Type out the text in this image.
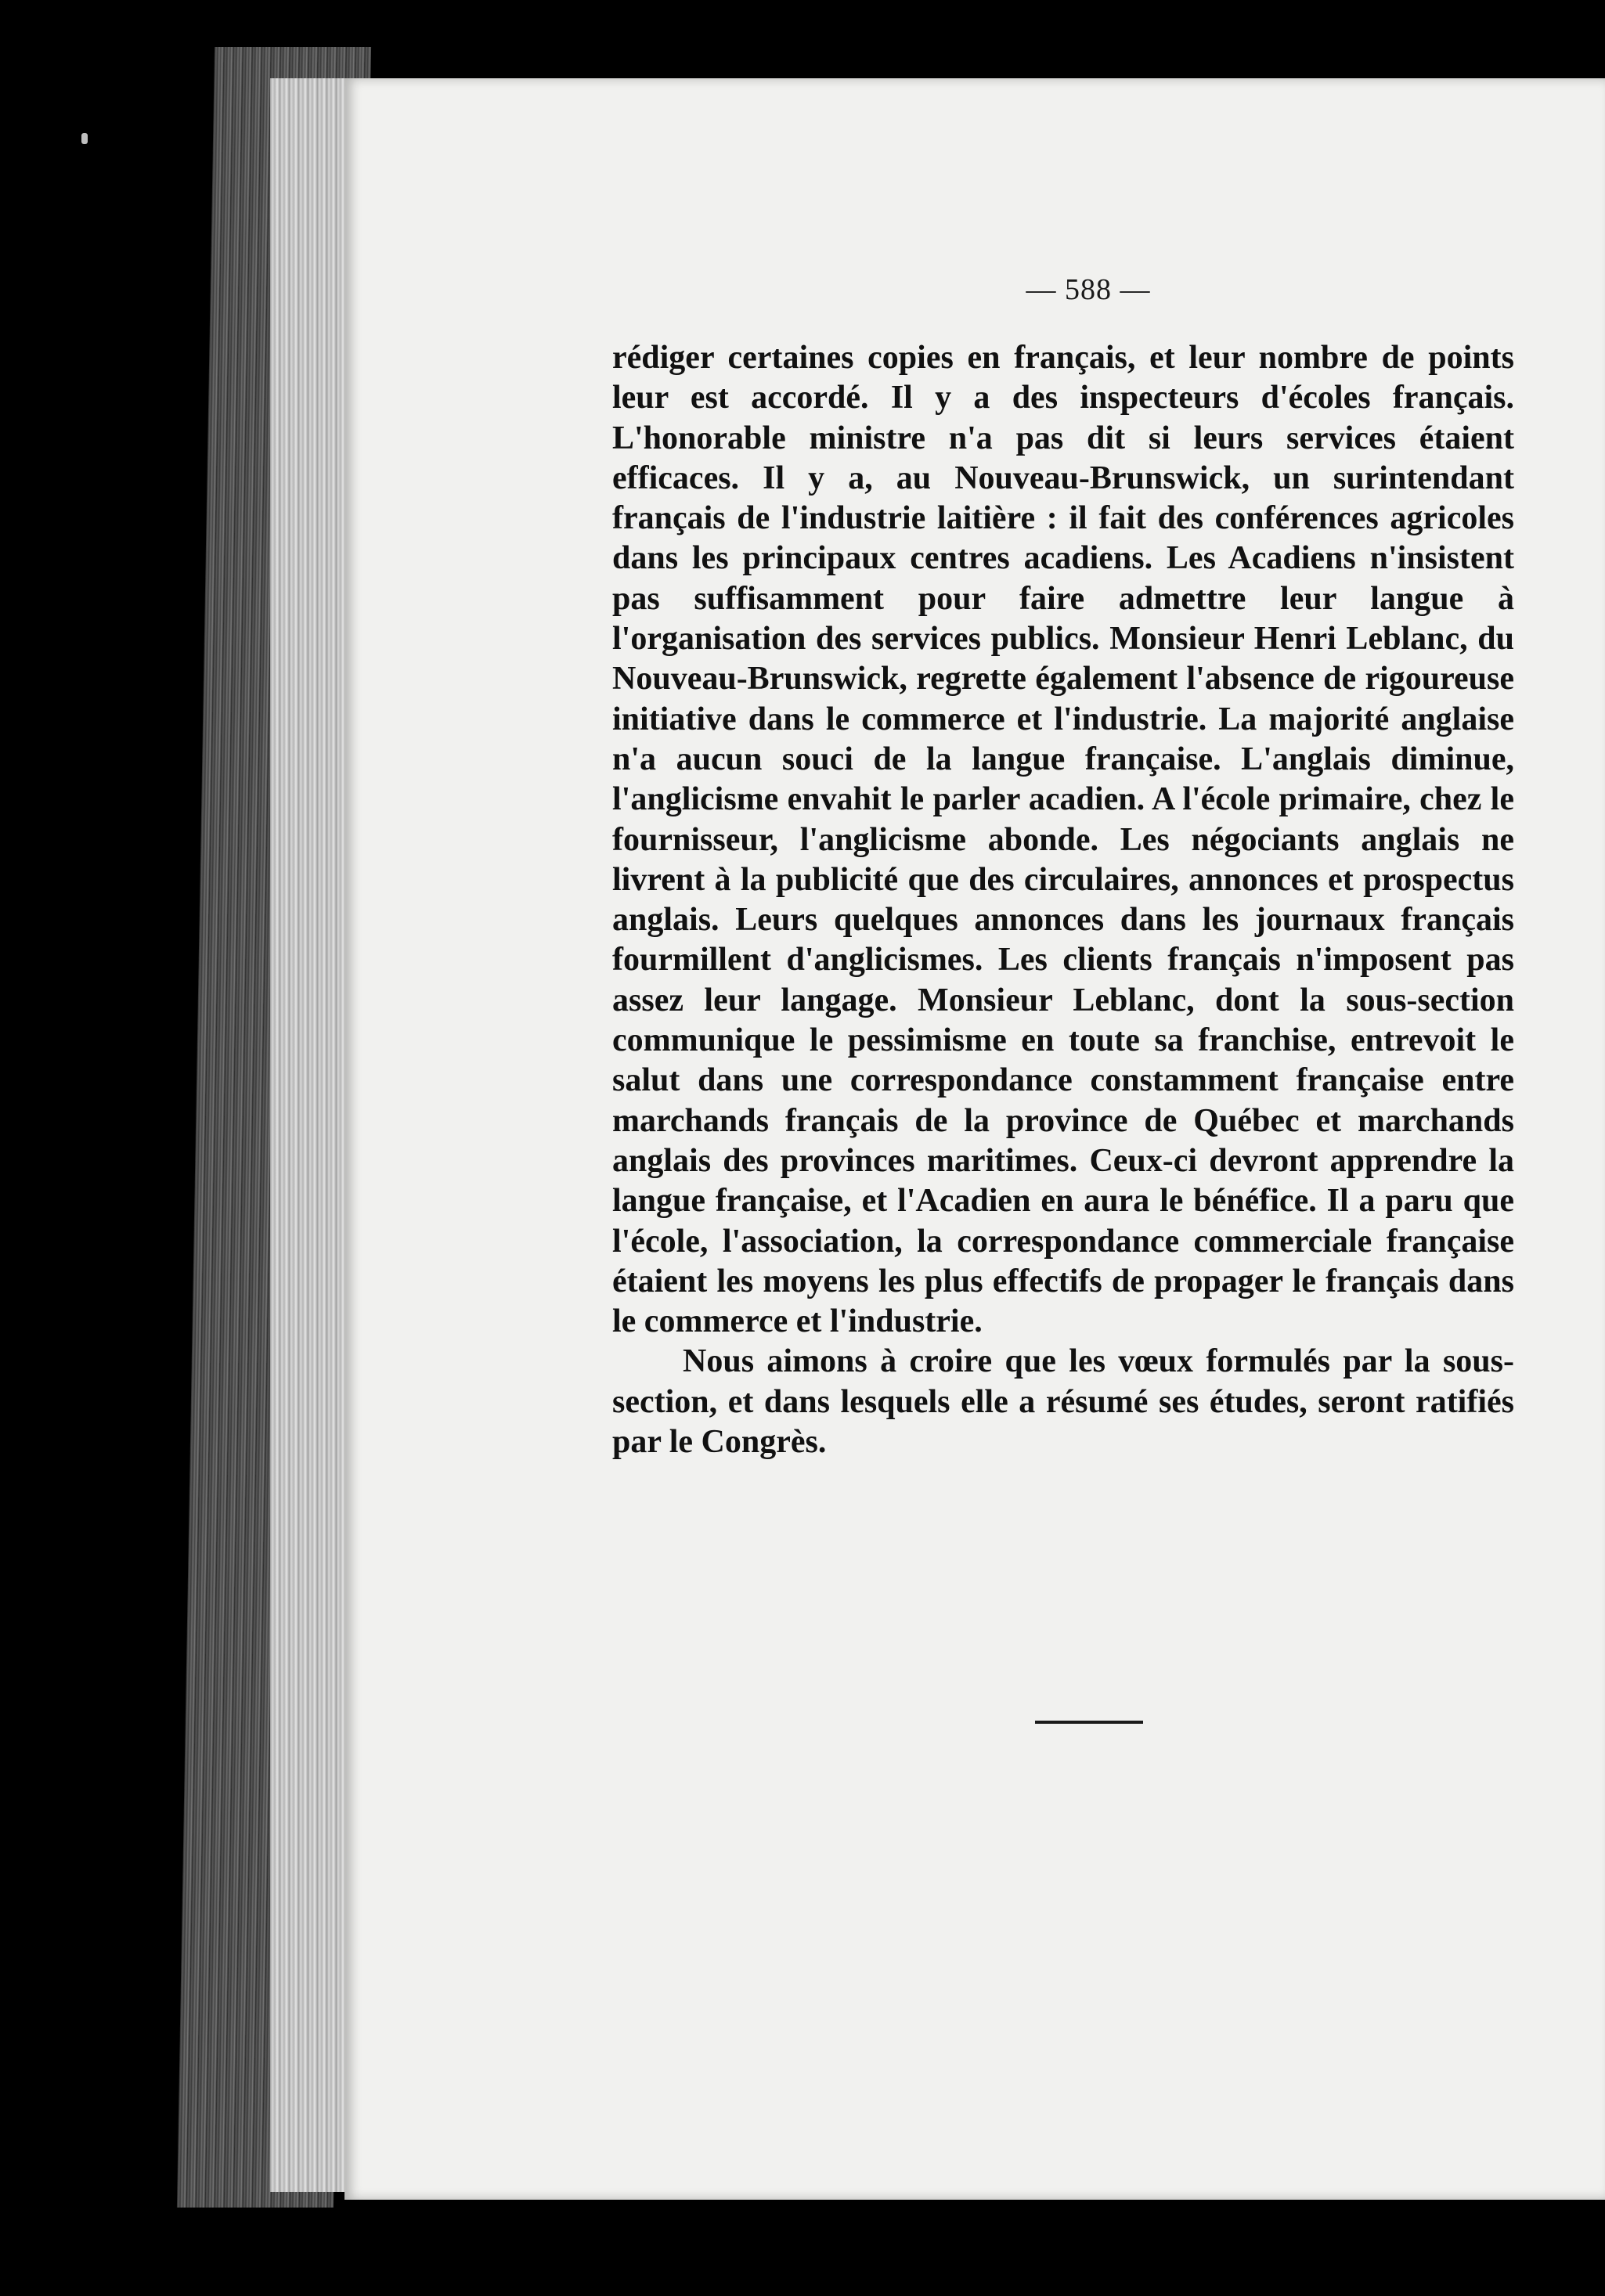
— 588 —

rédiger certaines copies en français, et leur nombre de points leur est accordé. Il y a des inspecteurs d'écoles français. L'honorable ministre n'a pas dit si leurs services étaient efficaces. Il y a, au Nouveau-Brunswick, un surintendant français de l'industrie laitière : il fait des conférences agricoles dans les principaux centres acadiens. Les Acadiens n'insistent pas suffisamment pour faire admettre leur langue à l'organisation des services publics. Monsieur Henri Leblanc, du Nouveau-Brunswick, regrette également l'absence de rigoureuse initiative dans le commerce et l'industrie. La majorité anglaise n'a aucun souci de la langue française. L'anglais diminue, l'anglicisme envahit le parler acadien. A l'école primaire, chez le fournisseur, l'anglicisme abonde. Les négociants anglais ne livrent à la publicité que des circulaires, annonces et prospectus anglais. Leurs quelques annonces dans les journaux français fourmillent d'anglicismes. Les clients français n'imposent pas assez leur langage. Monsieur Leblanc, dont la sous-section communique le pessimisme en toute sa franchise, entrevoit le salut dans une correspondance constamment française entre marchands français de la province de Québec et marchands anglais des provinces maritimes. Ceux-ci devront apprendre la langue française, et l'Acadien en aura le bénéfice. Il a paru que l'école, l'association, la correspondance commerciale française étaient les moyens les plus effectifs de propager le français dans le commerce et l'industrie.

Nous aimons à croire que les vœux formulés par la sous-section, et dans lesquels elle a résumé ses études, seront ratifiés par le Congrès.
